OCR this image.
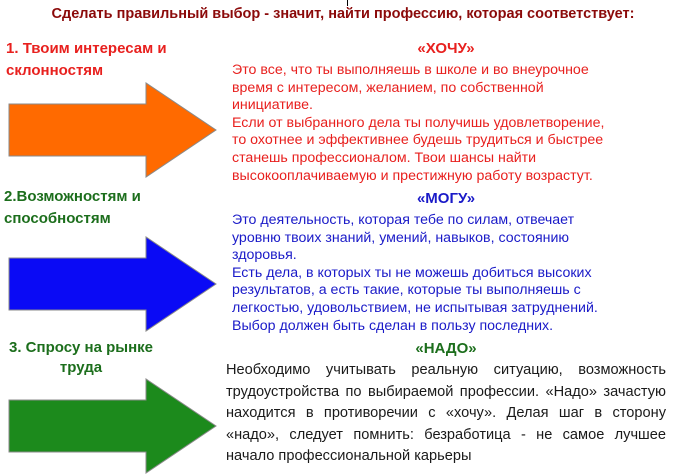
Сделать правильный выбор - значит, найти профессию, которая соответствует:
1. Твоим интересам и склонностям
«ХОЧУ»
Это все, что ты выполняешь в школе и во внеурочное
время с интересом, желанием, по собственной
инициативе.
Если от выбранного дела ты получишь удовлетворение,
то охотнее и эффективнее будешь трудиться и быстрее
станешь профессионалом. Твои шансы найти
высокооплачиваемую и престижную работу возрастут.
2.Возможностям и способностям
«МОГУ»
Это деятельность, которая тебе по силам, отвечает
уровню твоих знаний, умений, навыков, состоянию
здоровья.
Есть дела, в которых ты не можешь добиться высоких
результатов, а есть такие, которые ты выполняешь с
легкостью, удовольствием, не испытывая затруднений.
Выбор должен быть сделан в пользу последних.
3. Спросу на рынке труда
«НАДО»
Необходимо учитывать реальную ситуацию, возможность трудоустройства по выбираемой профессии. «Надо» зачастую находится в противоречии с «хочу». Делая шаг в сторону «надо», следует помнить: безработица - не самое лучшее начало профессиональной карьеры
